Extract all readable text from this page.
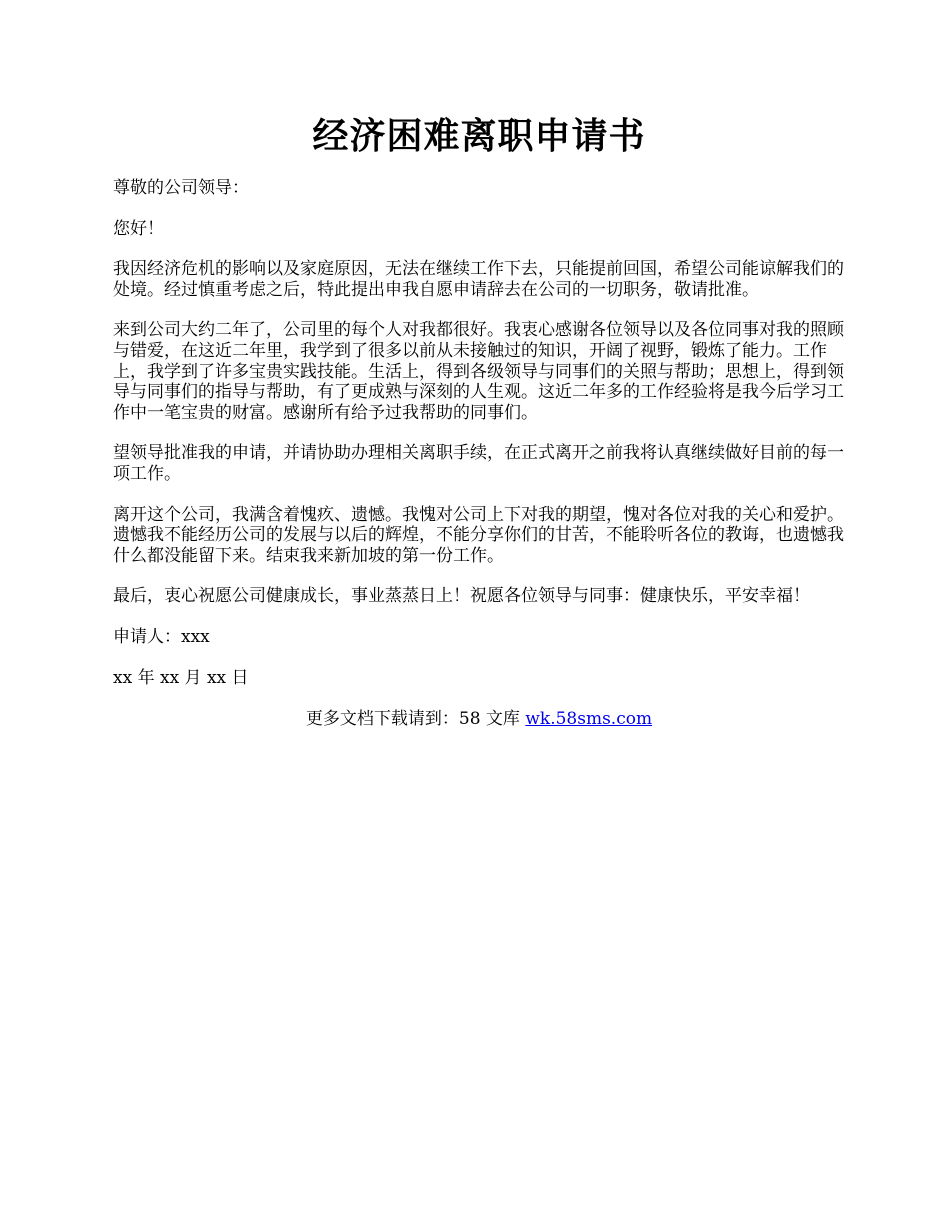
经济困难离职申请书

尊敬的公司领导：

您好！

我因经济危机的影响以及家庭原因，无法在继续工作下去，只能提前回国，希望公司能谅解我们的处境。经过慎重考虑之后，特此提出申我自愿申请辞去在公司的一切职务，敬请批准。

来到公司大约二年了，公司里的每个人对我都很好。我衷心感谢各位领导以及各位同事对我的照顾与错爱，在这近二年里，我学到了很多以前从未接触过的知识，开阔了视野，锻炼了能力。工作上，我学到了许多宝贵实践技能。生活上，得到各级领导与同事们的关照与帮助；思想上，得到领导与同事们的指导与帮助，有了更成熟与深刻的人生观。这近二年多的工作经验将是我今后学习工作中一笔宝贵的财富。感谢所有给予过我帮助的同事们。

望领导批准我的申请，并请协助办理相关离职手续，在正式离开之前我将认真继续做好目前的每一项工作。

离开这个公司，我满含着愧疚、遗憾。我愧对公司上下对我的期望，愧对各位对我的关心和爱护。遗憾我不能经历公司的发展与以后的辉煌，不能分享你们的甘苦，不能聆听各位的教诲，也遗憾我什么都没能留下来。结束我来新加坡的第一份工作。

最后，衷心祝愿公司健康成长，事业蒸蒸日上！祝愿各位领导与同事：健康快乐，平安幸福！

申请人：xxx

xx 年 xx 月 xx 日

更多文档下载请到：58 文库 wk.58sms.com
